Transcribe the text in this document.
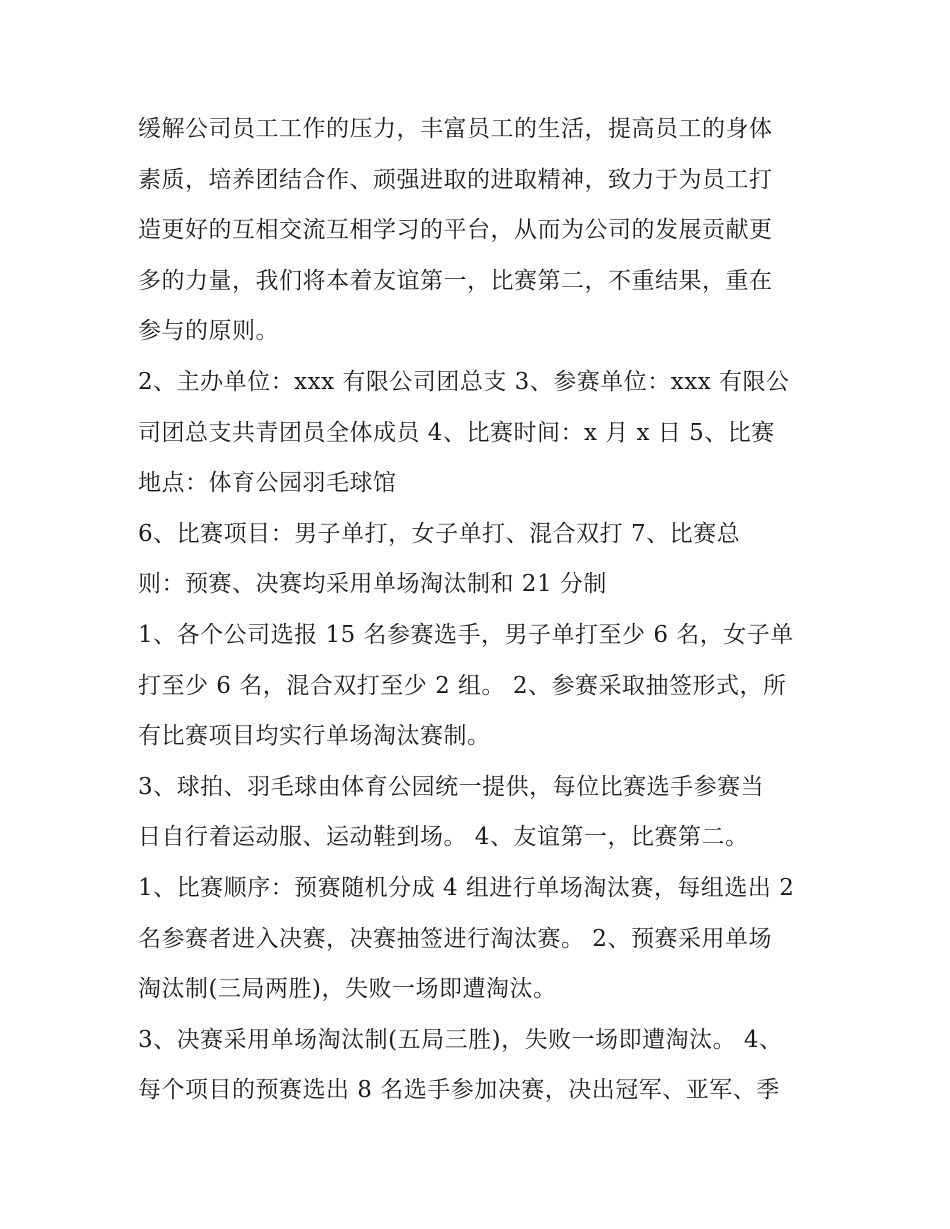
缓解公司员工工作的压力，丰富员工的生活，提高员工的身体
素质，培养团结合作、顽强进取的进取精神，致力于为员工打
造更好的互相交流互相学习的平台，从而为公司的发展贡献更
多的力量，我们将本着友谊第一，比赛第二，不重结果，重在
参与的原则。
2、主办单位：xxx 有限公司团总支 3、参赛单位：xxx 有限公
司团总支共青团员全体成员 4、比赛时间：x 月 x 日 5、比赛
地点：体育公园羽毛球馆
6、比赛项目：男子单打，女子单打、混合双打 7、比赛总
则：预赛、决赛均采用单场淘汰制和 21 分制
1、各个公司选报 15 名参赛选手，男子单打至少 6 名，女子单
打至少 6 名，混合双打至少 2 组。 2、参赛采取抽签形式，所
有比赛项目均实行单场淘汰赛制。
3、球拍、羽毛球由体育公园统一提供，每位比赛选手参赛当
日自行着运动服、运动鞋到场。 4、友谊第一，比赛第二。
1、比赛顺序：预赛随机分成 4 组进行单场淘汰赛，每组选出 2
名参赛者进入决赛，决赛抽签进行淘汰赛。 2、预赛采用单场
淘汰制(三局两胜)，失败一场即遭淘汰。
3、决赛采用单场淘汰制(五局三胜)，失败一场即遭淘汰。 4、
每个项目的预赛选出 8 名选手参加决赛，决出冠军、亚军、季
